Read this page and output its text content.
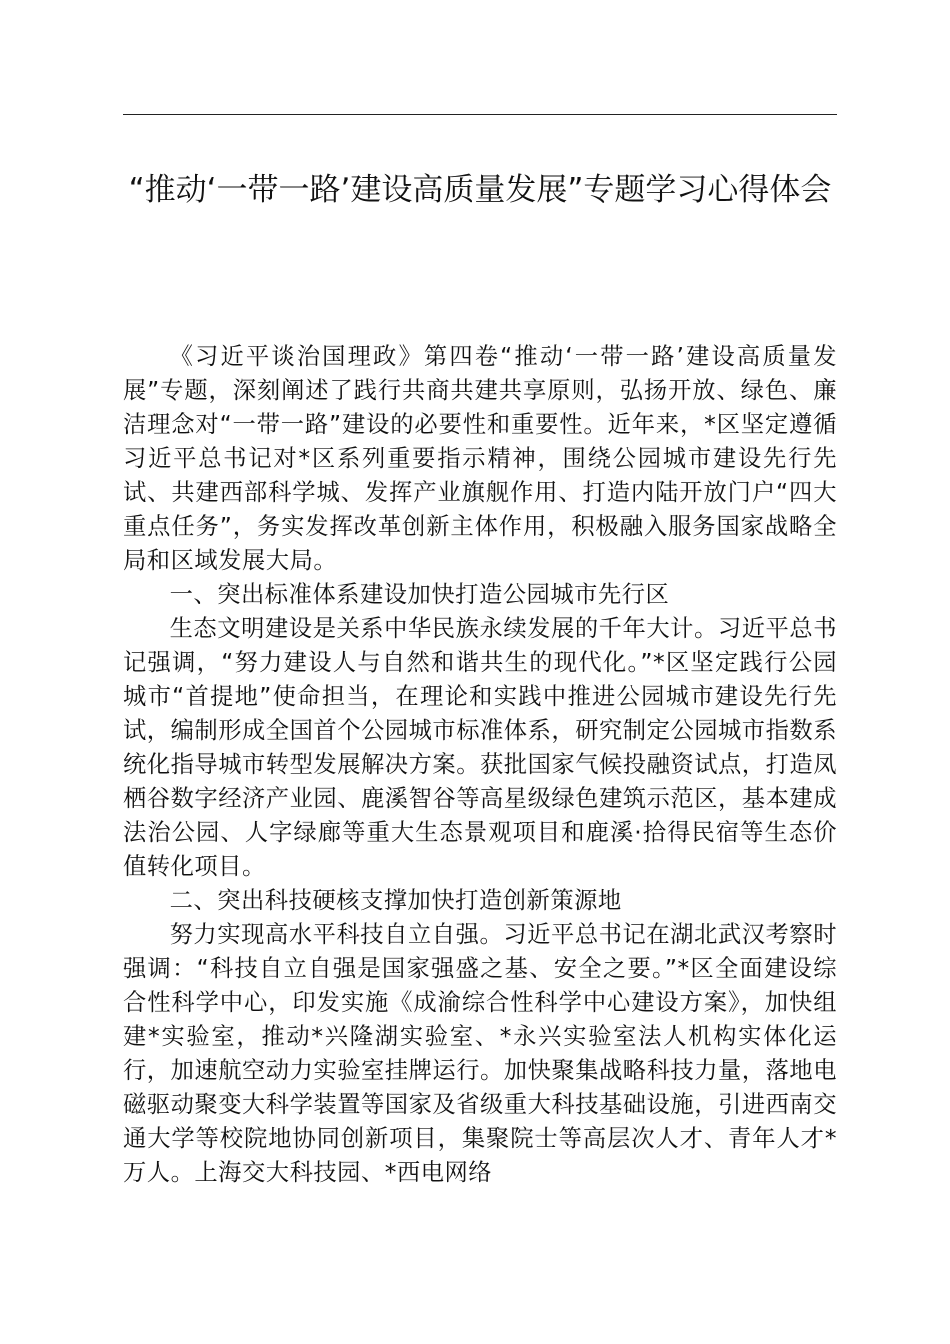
“推动‘一带一路’建设高质量发展”专题学习心得体会

《习近平谈治国理政》第四卷“推动‘一带一路’建设高质量发展”专题，深刻阐述了践行共商共建共享原则，弘扬开放、绿色、廉洁理念对“一带一路”建设的必要性和重要性。近年来，*区坚定遵循习近平总书记对*区系列重要指示精神，围绕公园城市建设先行先试、共建西部科学城、发挥产业旗舰作用、打造内陆开放门户“四大重点任务”，务实发挥改革创新主体作用，积极融入服务国家战略全局和区域发展大局。

一、突出标准体系建设加快打造公园城市先行区

生态文明建设是关系中华民族永续发展的千年大计。习近平总书记强调，“努力建设人与自然和谐共生的现代化。”*区坚定践行公园城市“首提地”使命担当，在理论和实践中推进公园城市建设先行先试，编制形成全国首个公园城市标准体系，研究制定公园城市指数系统化指导城市转型发展解决方案。获批国家气候投融资试点，打造凤栖谷数字经济产业园、鹿溪智谷等高星级绿色建筑示范区，基本建成法治公园、人字绿廊等重大生态景观项目和鹿溪·拾得民宿等生态价值转化项目。

二、突出科技硬核支撑加快打造创新策源地

努力实现高水平科技自立自强。习近平总书记在湖北武汉考察时强调：“科技自立自强是国家强盛之基、安全之要。”*区全面建设综合性科学中心，印发实施《成渝综合性科学中心建设方案》，加快组建*实验室，推动*兴隆湖实验室、*永兴实验室法人机构实体化运行，加速航空动力实验室挂牌运行。加快聚集战略科技力量，落地电磁驱动聚变大科学装置等国家及省级重大科技基础设施，引进西南交通大学等校院地协同创新项目，集聚院士等高层次人才、青年人才*万人。上海交大科技园、*西电网络
